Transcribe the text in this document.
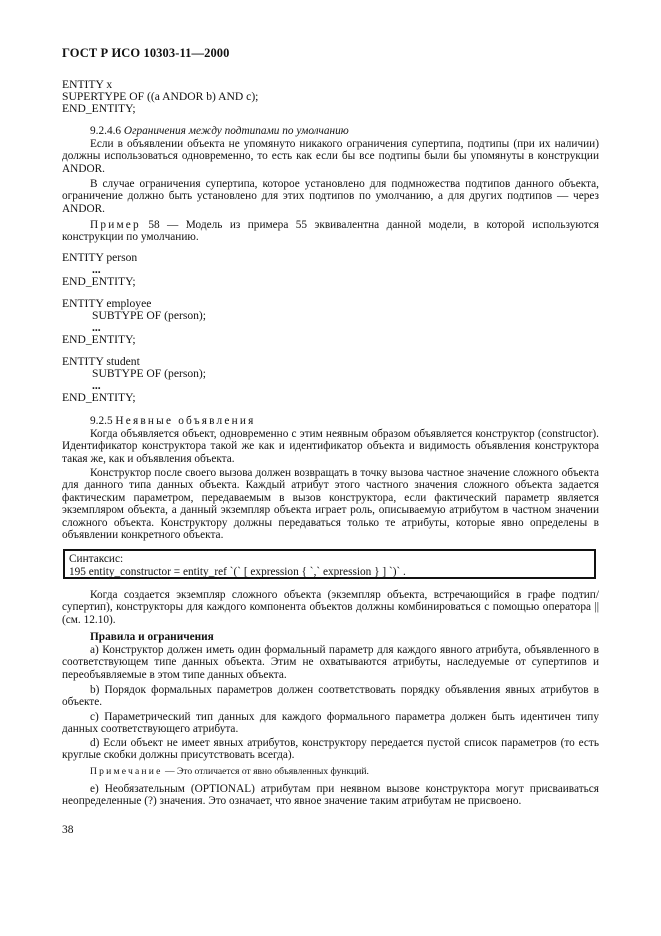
ГОСТ Р ИСО 10303-11—2000
ENTITY x
SUPERTYPE OF ((a ANDOR b) AND c);
END_ENTITY;
9.2.4.6 Ограничения между подтипами по умолчанию
Если в объявлении объекта не упомянуто никакого ограничения супертипа, подтипы (при их наличии) должны использоваться одновременно, то есть как если бы все подтипы были бы упомянуты в конструкции ANDOR.
В случае ограничения супертипа, которое установлено для подмножества подтипов данного объекта, ограничение должно быть установлено для этих подтипов по умолчанию, а для других подтипов — через ANDOR.
Пример 58 — Модель из примера 55 эквивалентна данной модели, в которой используются конструкции по умолчанию.
ENTITY person
...
END_ENTITY;
ENTITY employee
SUBTYPE OF (person);
...
END_ENTITY;
ENTITY student
SUBTYPE OF (person);
...
END_ENTITY;
9.2.5 Неявные объявления
Когда объявляется объект, одновременно с этим неявным образом объявляется конструктор (constructor). Идентификатор конструктора такой же как и идентификатор объекта и видимость объявления конструктора такая же, как и объявления объекта.
Конструктор после своего вызова должен возвращать в точку вызова частное значение сложного объекта для данного типа данных объекта. Каждый атрибут этого частного значения сложного объекта задается фактическим параметром, передаваемым в вызов конструктора, если фактический параметр является экземпляром объекта, а данный экземпляр объекта играет роль, описываемую атрибутом в частном значении сложного объекта. Конструктору должны передаваться только те атрибуты, которые явно определены в объявлении конкретного объекта.
Синтаксис:
195 entity_constructor = entity_ref `(` [ expression { `,` expression } ] `)` .
Когда создается экземпляр сложного объекта (экземпляр объекта, встречающийся в графе подтип/супертип), конструкторы для каждого компонента объектов должны комбинироваться с помощью оператора || (см. 12.10).
Правила и ограничения
а) Конструктор должен иметь один формальный параметр для каждого явного атрибута, объявленного в соответствующем типе данных объекта. Этим не охватываются атрибуты, наследуемые от супертипов и переобъявляемые в этом типе данных объекта.
b) Порядок формальных параметров должен соответствовать порядку объявления явных атрибутов в объекте.
с) Параметрический тип данных для каждого формального параметра должен быть идентичен типу данных соответствующего атрибута.
d) Если объект не имеет явных атрибутов, конструктору передается пустой список параметров (то есть круглые скобки должны присутствовать всегда).
Примечание — Это отличается от явно объявленных функций.
е) Необязательным (OPTIONAL) атрибутам при неявном вызове конструктора могут присваиваться неопределенные (?) значения. Это означает, что явное значение таким атрибутам не присвоено.
38
